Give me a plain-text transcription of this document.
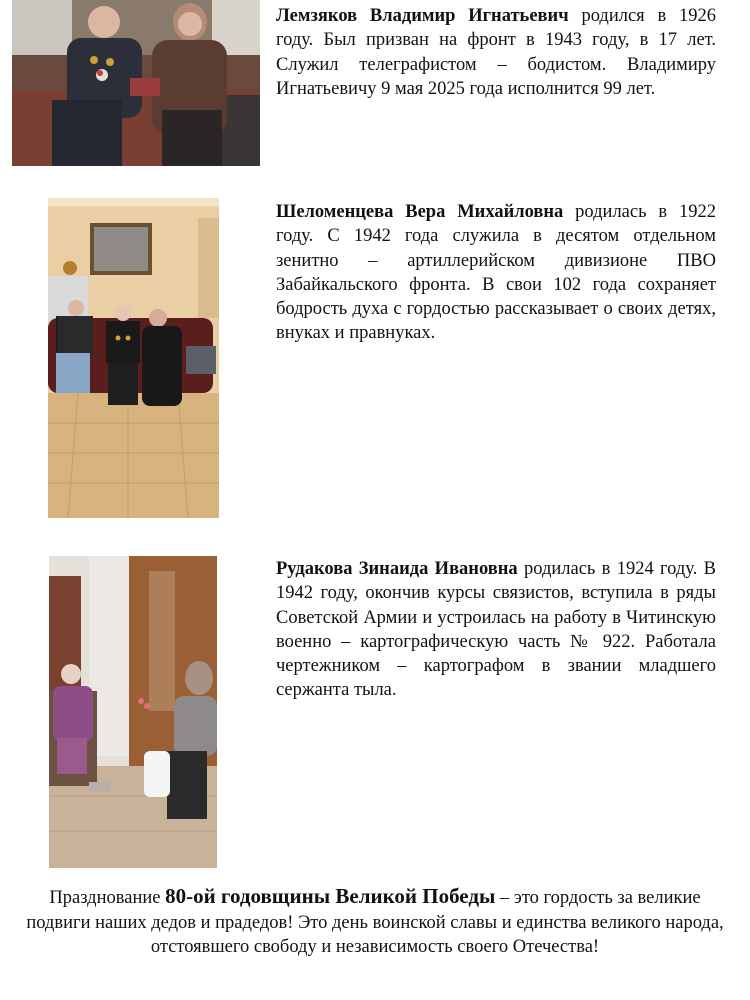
Лемзяков Владимир Игнатьевич родился в 1926 году. Был призван на фронт в 1943 году, в 17 лет. Служил телеграфистом – бодистом. Владимиру Игнатьевичу 9 мая 2025 года исполнится 99 лет.

Шеломенцева Вера Михайловна родилась в 1922 году. С 1942 года служила в десятом отдельном зенитно – артиллерийском дивизионе ПВО Забайкальского фронта. В свои 102 года сохраняет бодрость духа с гордостью рассказывает о своих детях, внуках и правнуках.

Рудакова Зинаида Ивановна родилась в 1924 году. В 1942 году, окончив курсы связистов, вступила в ряды Советской Армии и устроилась на работу в Читинскую военно – картографическую часть № 922. Работала чертежником – картографом в звании младшего сержанта тыла.

Празднование 80-ой годовщины Великой Победы – это гордость за великие подвиги наших дедов и прадедов! Это день воинской славы и единства великого народа, отстоявшего свободу и независимость своего Отечества!
